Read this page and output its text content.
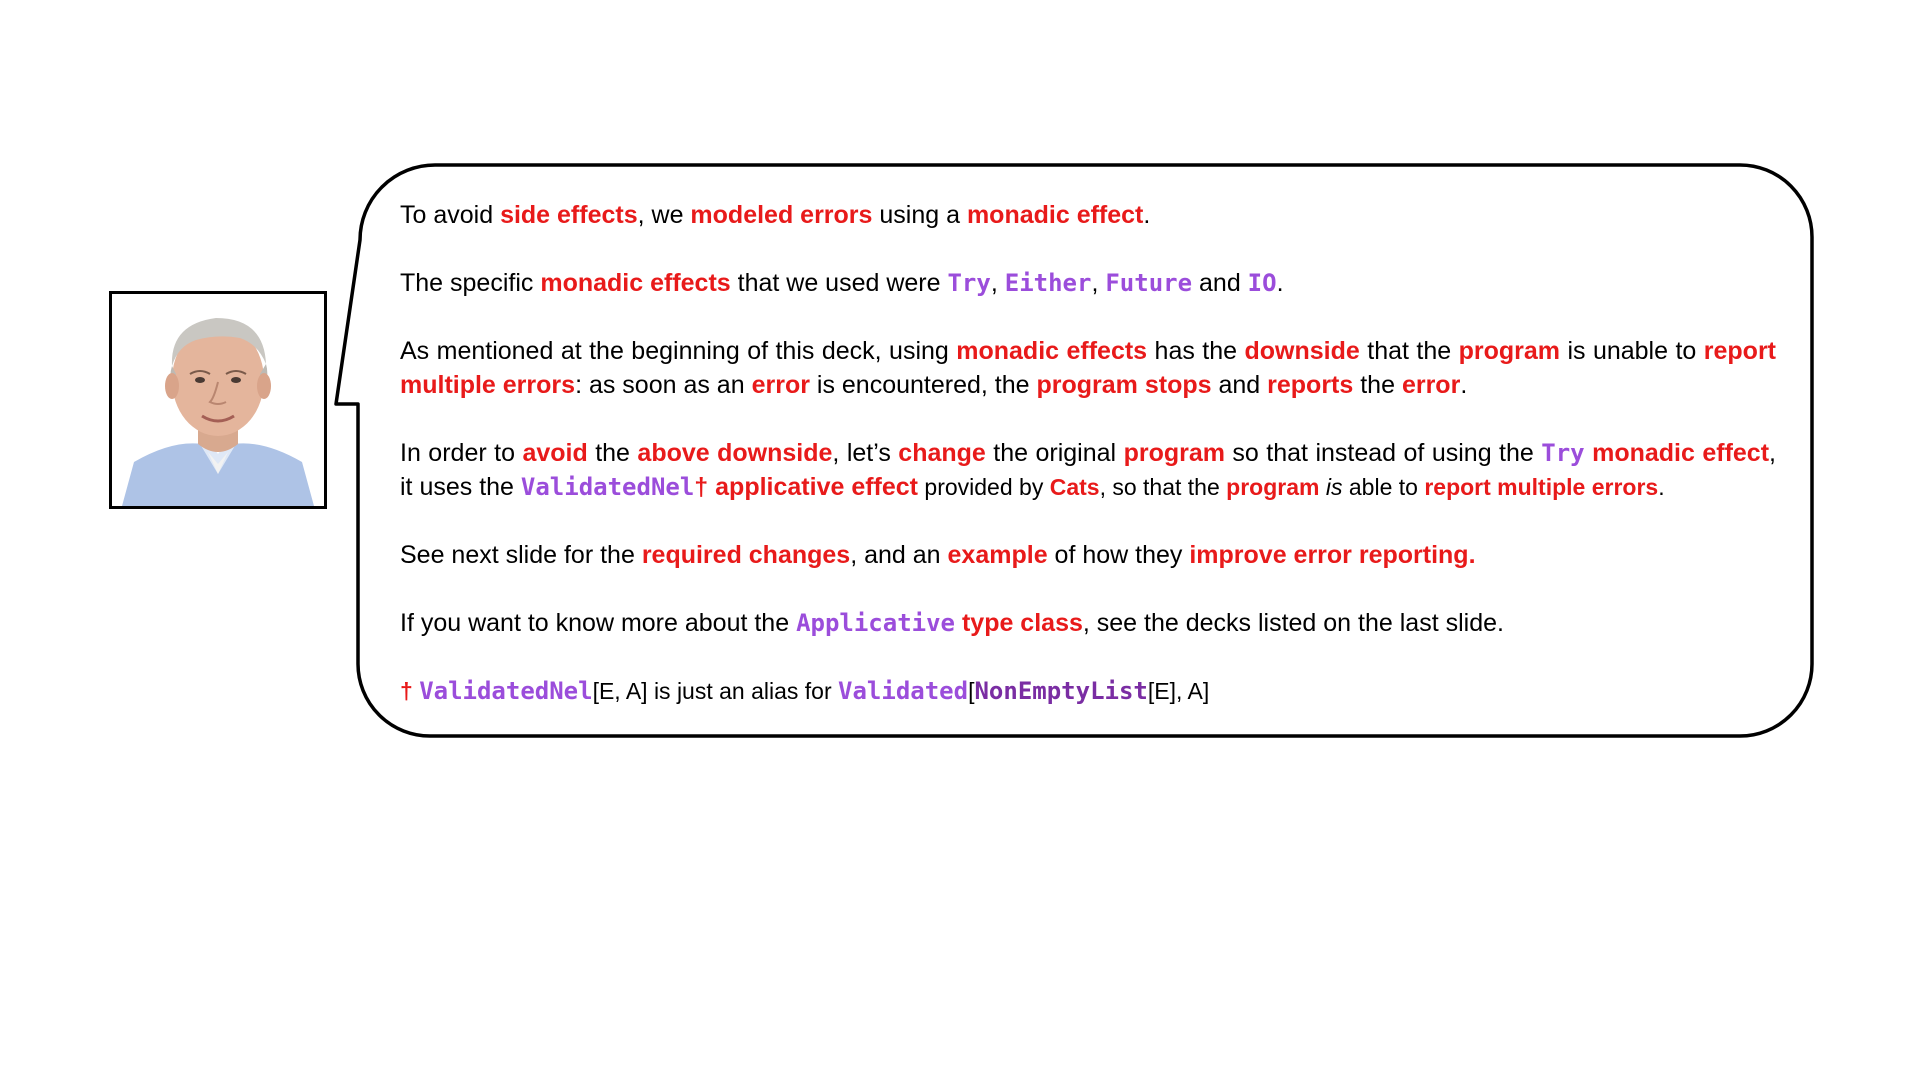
To avoid side effects, we modeled errors using a monadic effect.

The specific monadic effects that we used were Try, Either, Future and IO.

As mentioned at the beginning of this deck, using monadic effects has the downside that the program is unable to report multiple errors: as soon as an error is encountered, the program stops and reports the error.

In order to avoid the above downside, let’s change the original program so that instead of using the Try monadic effect, it uses the ValidatedNel† applicative effect provided by Cats, so that the program is able to report multiple errors.

See next slide for the required changes, and an example of how they improve error reporting.

If you want to know more about the Applicative type class, see the decks listed on the last slide.

† ValidatedNel[E, A] is just an alias for Validated[NonEmptyList[E], A]
